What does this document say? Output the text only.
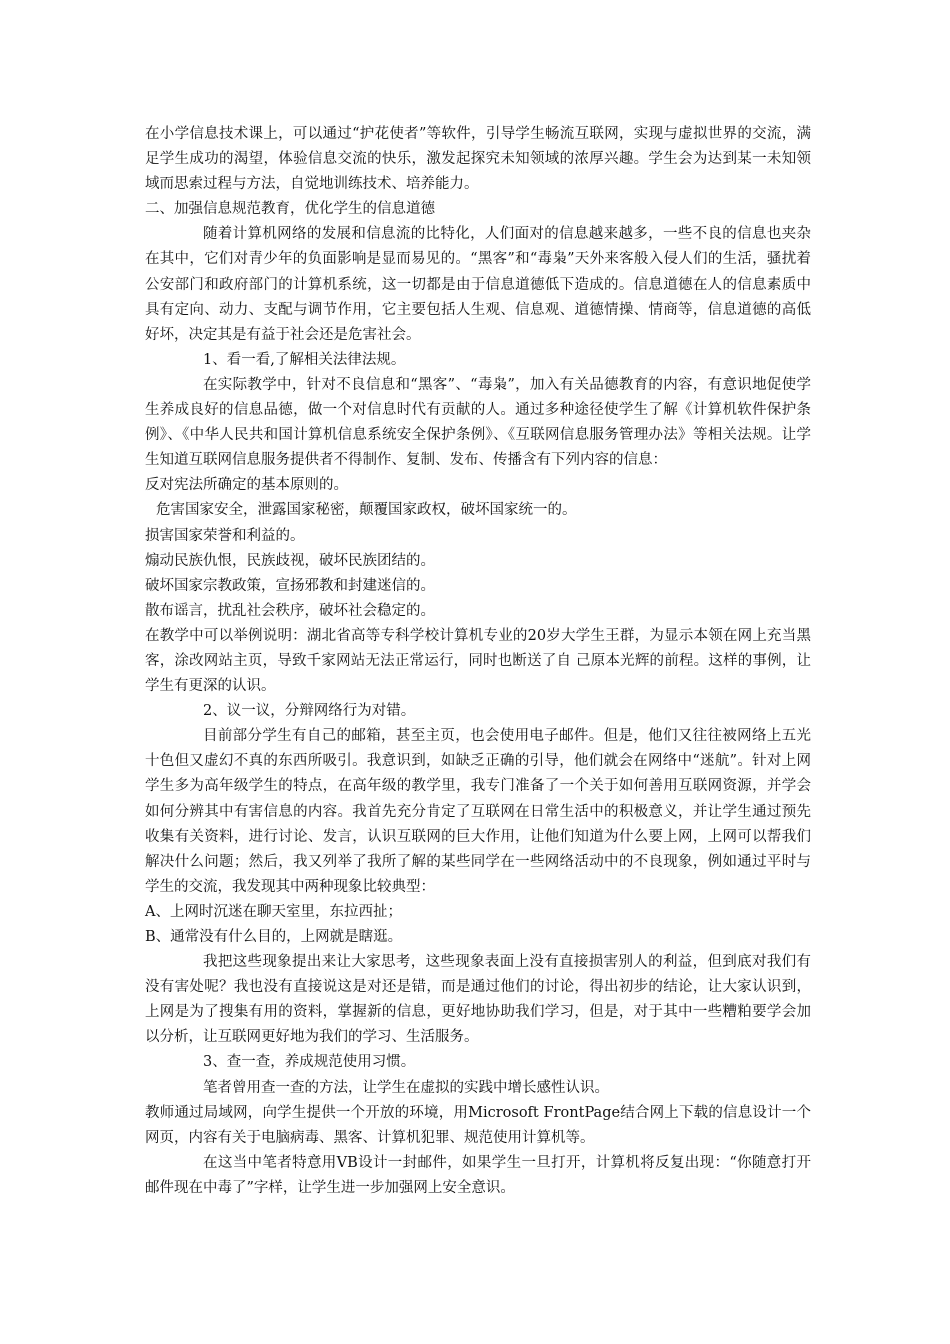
在小学信息技术课上，可以通过“护花使者”等软件，引导学生畅流互联网，实现与虚拟世界的交流，满足学生成功的渴望，体验信息交流的快乐，激发起探究未知领域的浓厚兴趣。学生会为达到某一未知领域而思索过程与方法，自觉地训练技术、培养能力。

二、加强信息规范教育，优化学生的信息道德

随着计算机网络的发展和信息流的比特化，人们面对的信息越来越多，一些不良的信息也夹杂在其中，它们对青少年的负面影响是显而易见的。“黑客”和“毒枭”天外来客般入侵人们的生活，骚扰着公安部门和政府部门的计算机系统，这一切都是由于信息道德低下造成的。信息道德在人的信息素质中具有定向、动力、支配与调节作用，它主要包括人生观、信息观、道德情操、情商等，信息道德的高低好坏，决定其是有益于社会还是危害社会。

1、看一看,了解相关法律法规。

在实际教学中，针对不良信息和“黑客”、“毒枭”，加入有关品德教育的内容，有意识地促使学生养成良好的信息品德，做一个对信息时代有贡献的人。通过多种途径使学生了解《计算机软件保护条例》、《中华人民共和国计算机信息系统安全保护条例》、《互联网信息服务管理办法》等相关法规。让学生知道互联网信息服务提供者不得制作、复制、发布、传播含有下列内容的信息：

反对宪法所确定的基本原则的。

危害国家安全，泄露国家秘密，颠覆国家政权，破坏国家统一的。

损害国家荣誉和利益的。

煽动民族仇恨，民族歧视，破坏民族团结的。

破坏国家宗教政策，宣扬邪教和封建迷信的。

散布谣言，扰乱社会秩序，破坏社会稳定的。

在教学中可以举例说明：湖北省高等专科学校计算机专业的20岁大学生王群，为显示本领在网上充当黑客，涂改网站主页，导致千家网站无法正常运行，同时也断送了自 己原本光辉的前程。这样的事例，让学生有更深的认识。

2、议一议，分辩网络行为对错。

目前部分学生有自己的邮箱，甚至主页，也会使用电子邮件。但是，他们又往往被网络上五光十色但又虚幻不真的东西所吸引。我意识到，如缺乏正确的引导，他们就会在网络中“迷航”。针对上网学生多为高年级学生的特点，在高年级的教学里，我专门准备了一个关于如何善用互联网资源，并学会如何分辨其中有害信息的内容。我首先充分肯定了互联网在日常生活中的积极意义，并让学生通过预先收集有关资料，进行讨论、发言，认识互联网的巨大作用，让他们知道为什么要上网，上网可以帮我们解决什么问题；然后，我又列举了我所了解的某些同学在一些网络活动中的不良现象，例如通过平时与学生的交流，我发现其中两种现象比较典型：

A、上网时沉迷在聊天室里，东拉西扯；

B、通常没有什么目的，上网就是瞎逛。

我把这些现象提出来让大家思考，这些现象表面上没有直接损害别人的利益，但到底对我们有没有害处呢？我也没有直接说这是对还是错，而是通过他们的讨论，得出初步的结论，让大家认识到，上网是为了搜集有用的资料，掌握新的信息，更好地协助我们学习，但是，对于其中一些糟粕要学会加以分析，让互联网更好地为我们的学习、生活服务。

3、查一查，养成规范使用习惯。

笔者曾用查一查的方法，让学生在虚拟的实践中增长感性认识。

教师通过局域网，向学生提供一个开放的环境，用Microsoft FrontPage结合网上下载的信息设计一个网页，内容有关于电脑病毒、黑客、计算机犯罪、规范使用计算机等。

在这当中笔者特意用VB设计一封邮件，如果学生一旦打开，计算机将反复出现：“你随意打开邮件现在中毒了”字样，让学生进一步加强网上安全意识。
